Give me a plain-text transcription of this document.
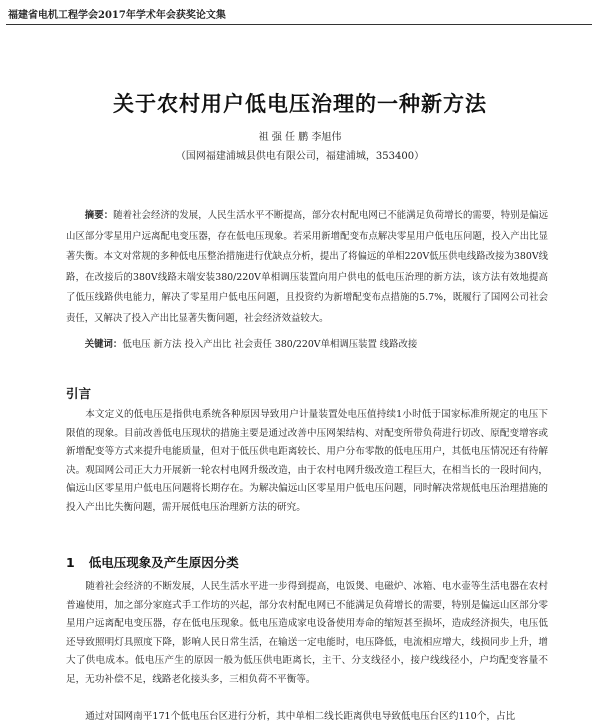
福建省电机工程学会2017年学术年会获奖论文集
关于农村用户低电压治理的一种新方法
祖 强 任 鹏 李旭伟
（国网福建浦城县供电有限公司，福建浦城，353400）

摘要：随着社会经济的发展，人民生活水平不断提高，部分农村配电网已不能满足负荷增长的需要，特别是偏远山区部分零星用户远离配电变压器，存在低电压现象。若采用新增配变布点解决零星用户低电压问题，投入产出比显著失衡。本文对常规的多种低电压整治措施进行优缺点分析，提出了将偏远的单相220V低压供电线路改接为380V线路，在改接后的380V线路末端安装380/220V单相调压装置向用户供电的低电压治理的新方法，该方法有效地提高了低压线路供电能力，解决了零星用户低电压问题，且投资约为新增配变布点措施的5.7%，既履行了国网公司社会责任，又解决了投入产出比显著失衡问题，社会经济效益较大。

关键词：低电压 新方法 投入产出比 社会责任 380/220V单相调压装置 线路改接

引言

本文定义的低电压是指供电系统各种原因导致用户计量装置处电压值持续1小时低于国家标准所规定的电压下限值的现象。目前改善低电压现状的措施主要是通过改善中压网架结构、对配变所带负荷进行切改、原配变增容或新增配变等方式来提升电能质量，但对于低压供电距离较长、用户分布零散的低电压用户，其低电压情况还有待解决。观国网公司正大力开展新一轮农村电网升级改造，由于农村电网升级改造工程巨大，在相当长的一段时间内，偏远山区零星用户低电压问题将长期存在。为解决偏远山区零星用户低电压问题，同时解决常规低电压治理措施的投入产出比失衡问题，需开展低电压治理新方法的研究。

1 低电压现象及产生原因分类

随着社会经济的不断发展，人民生活水平进一步得到提高，电饭煲、电磁炉、冰箱、电水壶等生活电器在农村普遍使用，加之部分家庭式手工作坊的兴起，部分农村配电网已不能满足负荷增长的需要，特别是偏远山区部分零星用户远离配电变压器，存在低电压现象。低电压造成家电设备使用寿命的缩短甚至损坏，造成经济损失，电压低还导致照明灯具照度下降，影响人民日常生活，在输送一定电能时，电压降低，电流相应增大，线损同步上升，增大了供电成本。低电压产生的原因一般为低压供电距离长，主干、分支线径小，接户线线径小，户均配变容量不足，无功补偿不足，线路老化接头多，三相负荷不平衡等。

通过对国网南平171个低电压台区进行分析，其中单相二线长距离供电导致低电压台区约110个，占比
